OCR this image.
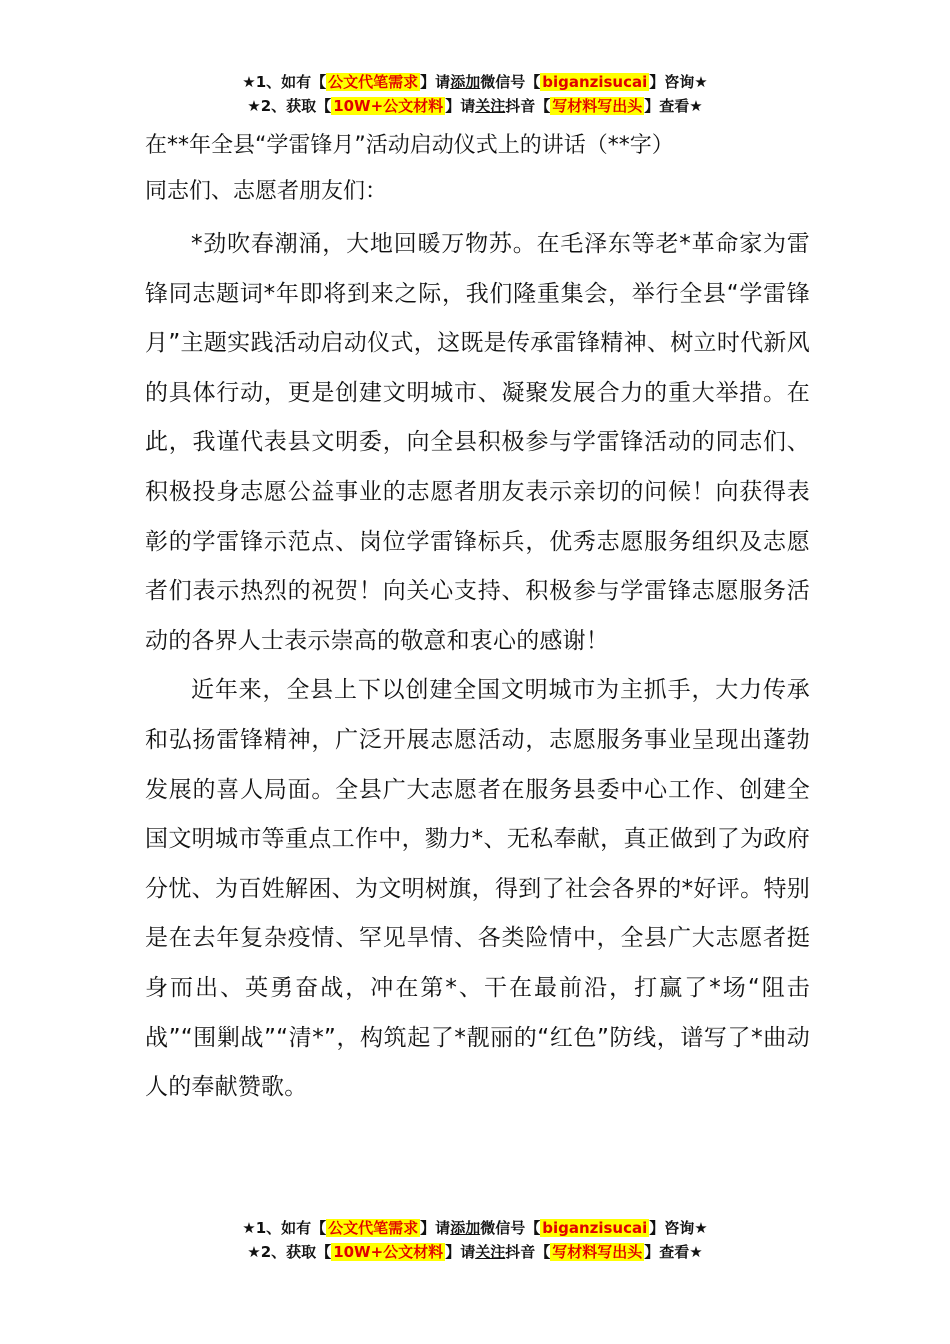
★1、如有【 公文代笔需求 】请添加微信号【 biganzisucai 】咨询★
★2、获取【 10W+公文材料 】请关注抖音【 写材料写出头 】查看★
在**年全县“学雷锋月”活动启动仪式上的讲话（**字）
同志们、志愿者朋友们：

*劲吹春潮涌，大地回暖万物苏。在毛泽东等老*革命家为雷锋同志题词*年即将到来之际，我们隆重集会，举行全县“学雷锋月”主题实践活动启动仪式，这既是传承雷锋精神、树立时代新风的具体行动，更是创建文明城市、凝聚发展合力的重大举措。在此，我谨代表县文明委，向全县积极参与学雷锋活动的同志们、积极投身志愿公益事业的志愿者朋友表示亲切的问候！向获得表彰的学雷锋示范点、岗位学雷锋标兵，优秀志愿服务组织及志愿者们表示热烈的祝贺！向关心支持、积极参与学雷锋志愿服务活动的各界人士表示崇高的敬意和衷心的感谢！

近年来，全县上下以创建全国文明城市为主抓手，大力传承和弘扬雷锋精神，广泛开展志愿活动，志愿服务事业呈现出蓬勃发展的喜人局面。全县广大志愿者在服务县委中心工作、创建全国文明城市等重点工作中，勠力*、无私奉献，真正做到了为政府分忧、为百姓解困、为文明树旗，得到了社会各界的*好评。特别是在去年复杂疫情、罕见旱情、各类险情中，全县广大志愿者挺身而出、英勇奋战，冲在第*、干在最前沿，打赢了*场“阻击战”“围剿战”“清*”，构筑起了*靓丽的“红色”防线，谱写了*曲动人的奉献赞歌。

★1、如有【 公文代笔需求 】请添加微信号【 biganzisucai 】咨询★
★2、获取【 10W+公文材料 】请关注抖音【 写材料写出头 】查看★
